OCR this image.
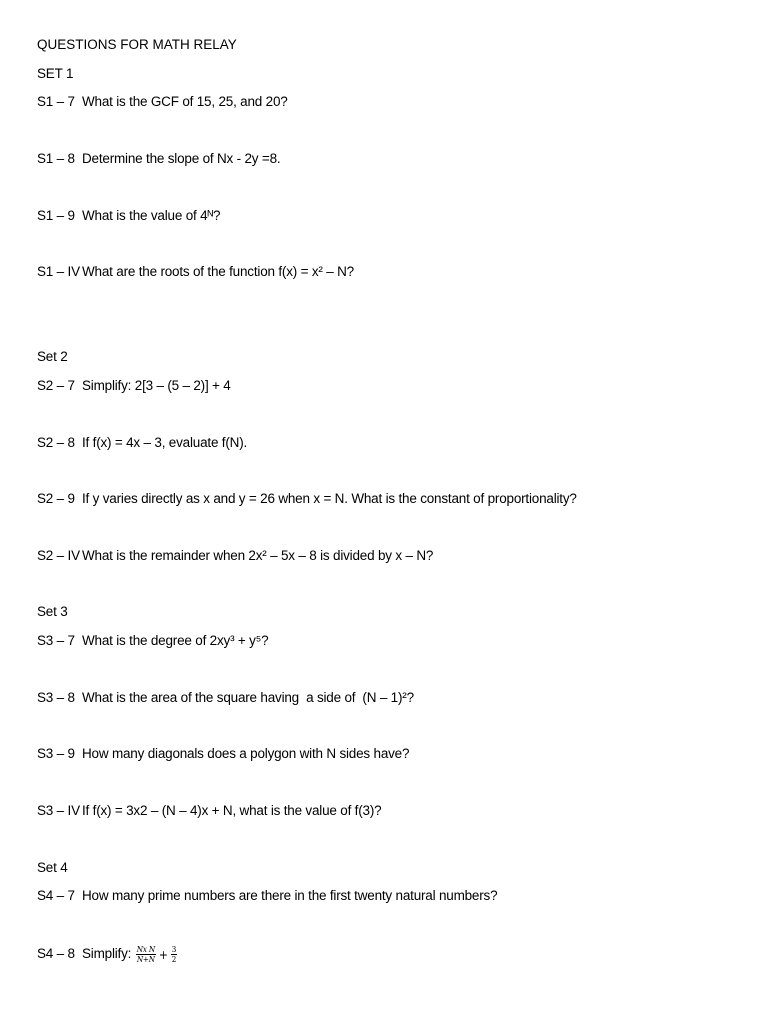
QUESTIONS FOR MATH RELAY
SET 1
S1 – 7 What is the GCF of 15, 25, and 20?
S1 – 8 Determine the slope of Nx - 2y =8.
S1 – 9 What is the value of 4ᴺ?
S1 – IV What are the roots of the function f(x) = x² – N?
Set 2
S2 – 7 Simplify: 2[3 – (5 – 2)] + 4
S2 – 8 If f(x) = 4x – 3, evaluate f(N).
S2 – 9 If y varies directly as x and y = 26 when x = N. What is the constant of proportionality?
S2 – IV What is the remainder when 2x² – 5x – 8 is divided by x – N?
Set 3
S3 – 7 What is the degree of 2xy³ + y⁵?
S3 – 8 What is the area of the square having  a side of  (N – 1)²?
S3 – 9 How many diagonals does a polygon with N sides have?
S3 – IV If f(x) = 3x2 – (N – 4)x + N, what is the value of f(3)?
Set 4
S4 – 7 How many prime numbers are there in the first twenty natural numbers?
S4 – 8 Simplify: $\frac{\text{Nx N}}{N+N} + \frac{3}{2}$
